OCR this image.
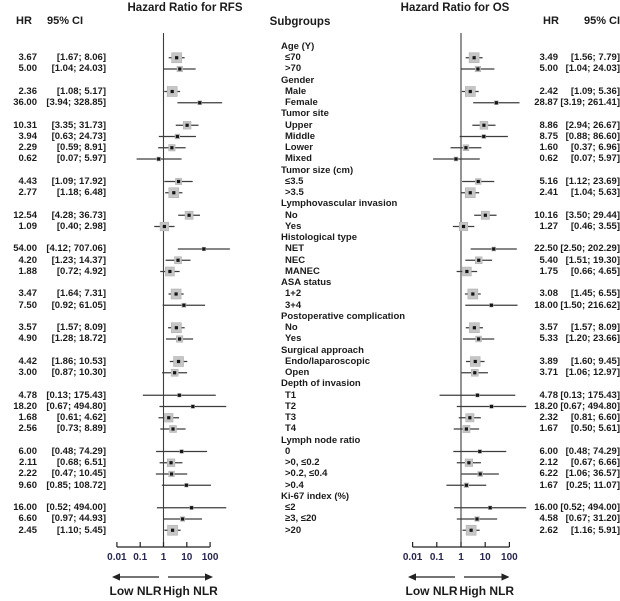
Hazard Ratio for RFS
Subgroups
Hazard Ratio for OS
HR	95% CI	HR	95% CI
0.01 0.1 1 10 100
Low NLR High NLR
0.01 0.1 1 10 100
Low NLR High NLR
Age (Y)
≤70
3.67	[1.67; 8.06]	3.49	[1.56; 7.79]
>70
5.00	[1.04; 24.03]	5.00 [1.04; 24.03]
Gender
Male
2.36	[1.08; 5.17]	2.42	[1.09; 5.36]
Female
36.00 [3.94; 328.85]	28.87 [3.19; 261.41]
Tumor site
Upper
10.31	[3.35; 31.73]	8.86 [2.94; 26.67]
Middle
3.94	[0.63; 24.73]	8.75 [0.88; 86.60]
Lower
2.29	[0.59; 8.91]	1.60	[0.37; 6.96]
Mixed
0.62	[0.07; 5.97]	0.62	[0.07; 5.97]
Tumor size (cm)
≤3.5
4.43	[1.09; 17.92]	5.16 [1.12; 23.69]
>3.5
2.77	[1.18; 6.48]	2.41	[1.04; 5.63]
Lymphovascular invasion
No
12.54	[4.28; 36.73]	10.16 [3.50; 29.44]
Yes
1.09	[0.40; 2.98]	1.27	[0.46; 3.55]
Histological type
NET
54.00 [4.12; 707.06]	22.50 [2.50; 202.29]
NEC
4.20	[1.23; 14.37]	5.40 [1.51; 19.30]
MANEC
1.88	[0.72; 4.92]	1.75	[0.66; 4.65]
ASA status
1+2
3.47	[1.64; 7.31]	3.08	[1.45; 6.55]
3+4
7.50	[0.92; 61.05]	18.00 [1.50; 216.62]
Postoperative complication
No
3.57	[1.57; 8.09]	3.57	[1.57; 8.09]
Yes
4.90	[1.28; 18.72]	5.33 [1.20; 23.66]
Surgical approach
Endo/laparoscopic
4.42	[1.86; 10.53]	3.89	[1.60; 9.45]
Open
3.00	[0.87; 10.30]	3.71 [1.06; 12.97]
Depth of invasion
T1
4.78 [0.13; 175.43]	4.78 [0.13; 175.43]
T2
18.20 [0.67; 494.80]	18.20 [0.67; 494.80]
T3
1.68	[0.61; 4.62]	2.32	[0.81; 6.60]
T4
2.56	[0.73; 8.89]	1.67	[0.50; 5.61]
Lymph node ratio
0
6.00	[0.48; 74.29]	6.00 [0.48; 74.29]
>0, ≤0.2
2.11	[0.68; 6.51]	2.12	[0.67; 6.66]
>0.2, ≤0.4
2.22	[0.47; 10.45]	6.22 [1.06; 36.57]
>0.4
9.60 [0.85; 108.72]	1.67 [0.25; 11.07]
Ki-67 index (%)
≤2
16.00 [0.52; 494.00]	16.00 [0.52; 494.00]
≥3, ≤20
6.60	[0.97; 44.93]	4.58 [0.67; 31.20]
>20
2.45	[1.10; 5.45]	2.62	[1.16; 5.91]
